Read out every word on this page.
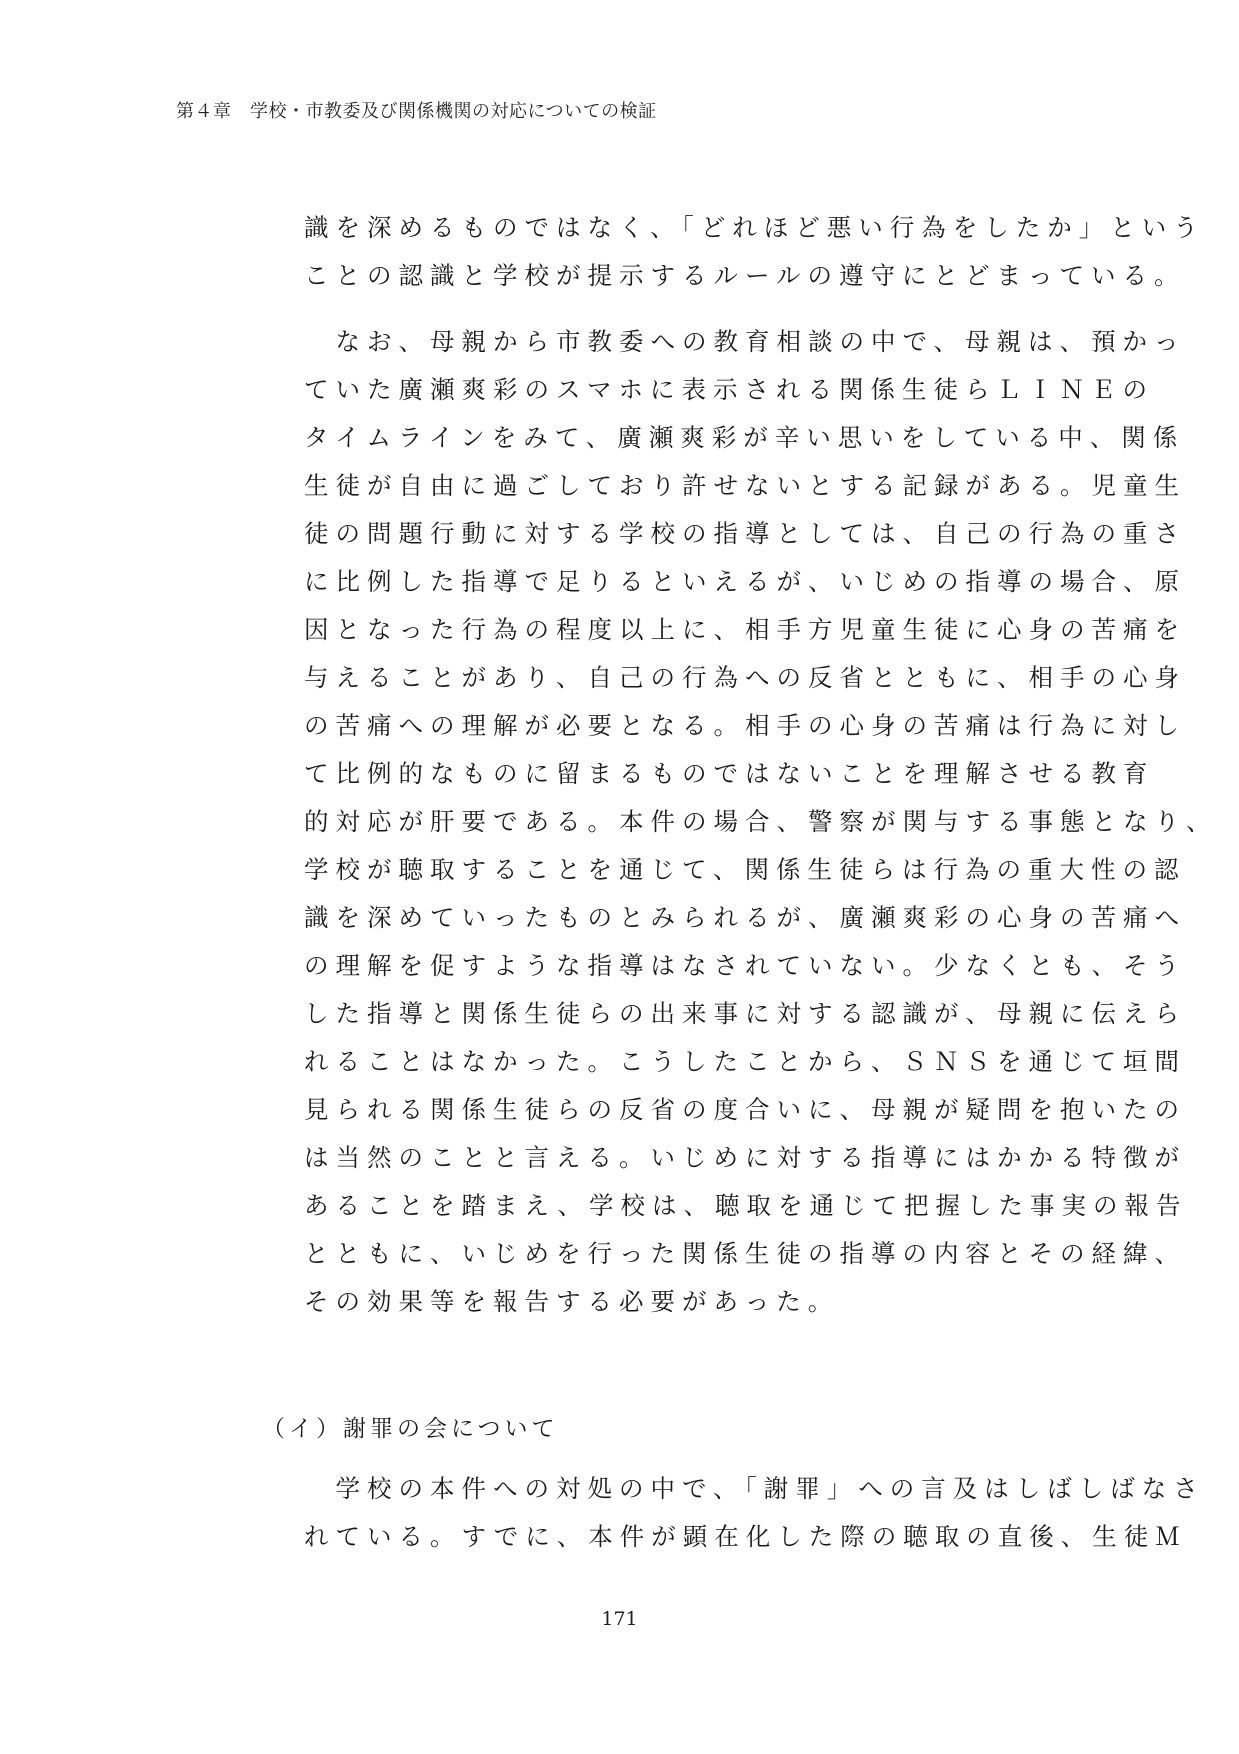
第４章　学校・市教委及び関係機関の対応についての検証
識を深めるものではなく、「どれほど悪い行為をしたか」という
ことの認識と学校が提示するルールの遵守にとどまっている。
　なお、母親から市教委への教育相談の中で、母親は、預かっ
ていた廣瀬爽彩のスマホに表示される関係生徒らＬＩＮＥの
タイムラインをみて、廣瀬爽彩が辛い思いをしている中、関係
生徒が自由に過ごしており許せないとする記録がある。児童生
徒の問題行動に対する学校の指導としては、自己の行為の重さ
に比例した指導で足りるといえるが、いじめの指導の場合、原
因となった行為の程度以上に、相手方児童生徒に心身の苦痛を
与えることがあり、自己の行為への反省とともに、相手の心身
の苦痛への理解が必要となる。相手の心身の苦痛は行為に対し
て比例的なものに留まるものではないことを理解させる教育
的対応が肝要である。本件の場合、警察が関与する事態となり、
学校が聴取することを通じて、関係生徒らは行為の重大性の認
識を深めていったものとみられるが、廣瀬爽彩の心身の苦痛へ
の理解を促すような指導はなされていない。少なくとも、そう
した指導と関係生徒らの出来事に対する認識が、母親に伝えら
れることはなかった。こうしたことから、ＳＮＳを通じて垣間
見られる関係生徒らの反省の度合いに、母親が疑問を抱いたの
は当然のことと言える。いじめに対する指導にはかかる特徴が
あることを踏まえ、学校は、聴取を通じて把握した事実の報告
とともに、いじめを行った関係生徒の指導の内容とその経緯、
その効果等を報告する必要があった。
（イ）謝罪の会について
　学校の本件への対処の中で、「謝罪」への言及はしばしばなさ
れている。すでに、本件が顕在化した際の聴取の直後、生徒Ｍ
171
